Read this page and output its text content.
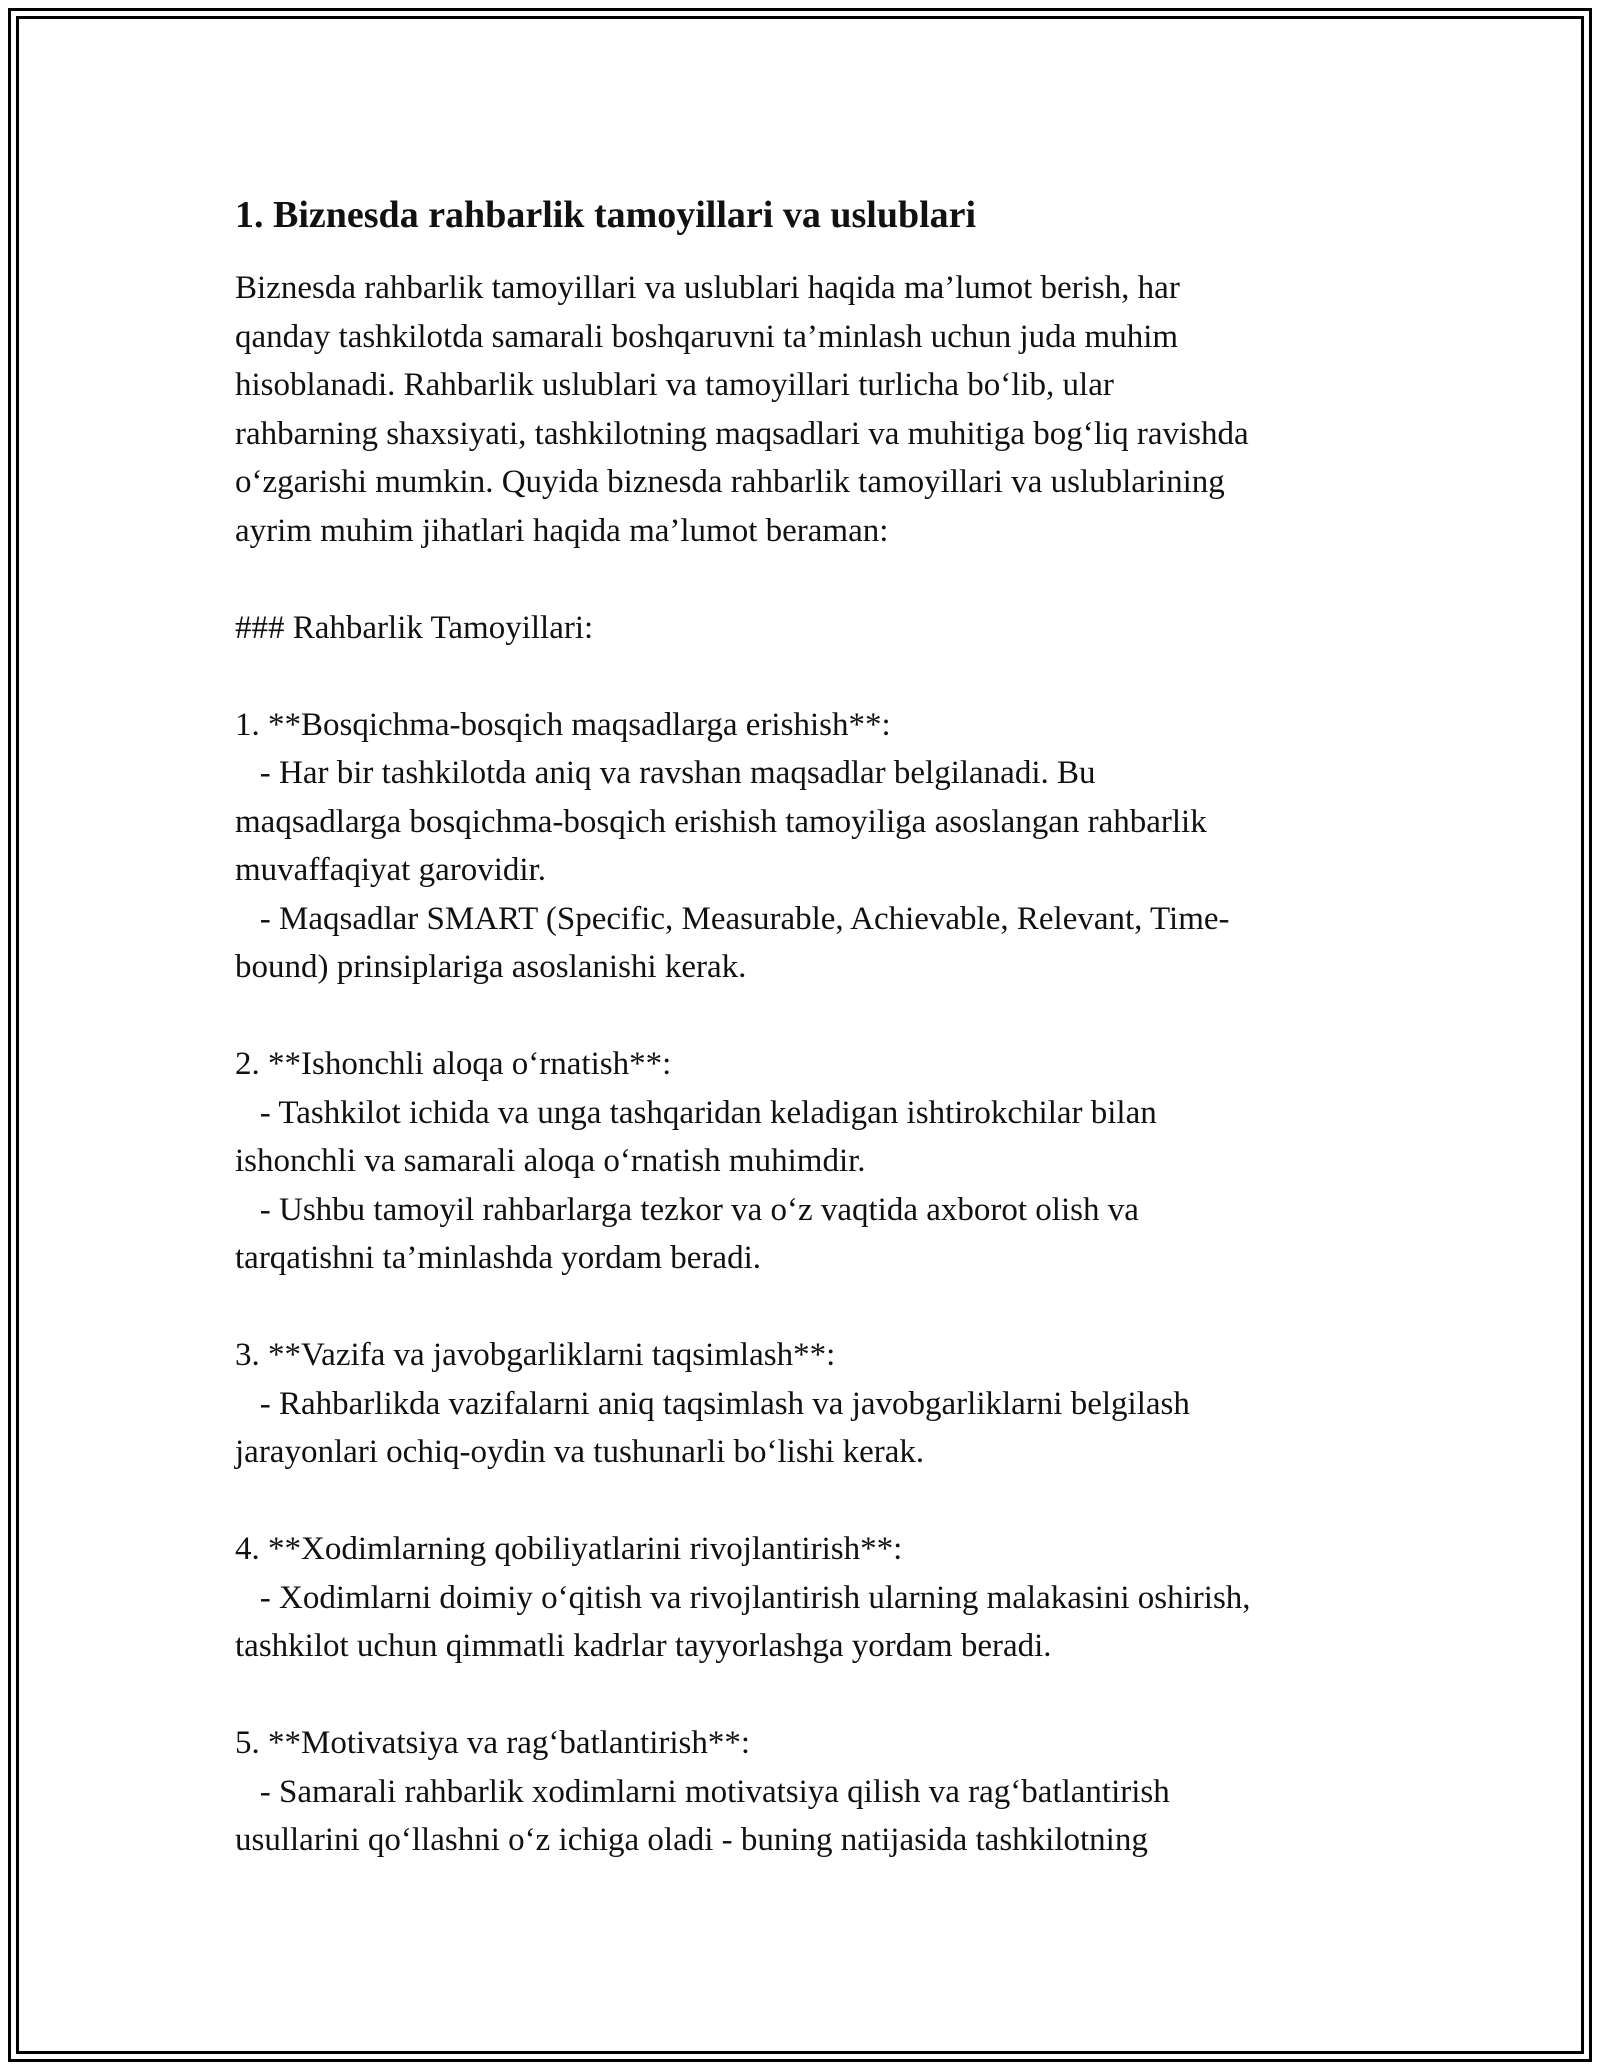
1. Biznesda rahbarlik tamoyillari va uslublari
Biznesda rahbarlik tamoyillari va uslublari haqida ma’lumot berish, har
qanday tashkilotda samarali boshqaruvni ta’minlash uchun juda muhim
hisoblanadi. Rahbarlik uslublari va tamoyillari turlicha bo‘lib, ular
rahbarning shaxsiyati, tashkilotning maqsadlari va muhitiga bog‘liq ravishda
o‘zgarishi mumkin. Quyida biznesda rahbarlik tamoyillari va uslublarining
ayrim muhim jihatlari haqida ma’lumot beraman:
### Rahbarlik Tamoyillari:
1. **Bosqichma-bosqich maqsadlarga erishish**:
- Har bir tashkilotda aniq va ravshan maqsadlar belgilanadi. Bu
maqsadlarga bosqichma-bosqich erishish tamoyiliga asoslangan rahbarlik
muvaffaqiyat garovidir.
- Maqsadlar SMART (Specific, Measurable, Achievable, Relevant, Time-
bound) prinsiplariga asoslanishi kerak.
2. **Ishonchli aloqa o‘rnatish**:
- Tashkilot ichida va unga tashqaridan keladigan ishtirokchilar bilan
ishonchli va samarali aloqa o‘rnatish muhimdir.
- Ushbu tamoyil rahbarlarga tezkor va o‘z vaqtida axborot olish va
tarqatishni ta’minlashda yordam beradi.
3. **Vazifa va javobgarliklarni taqsimlash**:
- Rahbarlikda vazifalarni aniq taqsimlash va javobgarliklarni belgilash
jarayonlari ochiq-oydin va tushunarli bo‘lishi kerak.
4. **Xodimlarning qobiliyatlarini rivojlantirish**:
- Xodimlarni doimiy o‘qitish va rivojlantirish ularning malakasini oshirish,
tashkilot uchun qimmatli kadrlar tayyorlashga yordam beradi.
5. **Motivatsiya va rag‘batlantirish**:
- Samarali rahbarlik xodimlarni motivatsiya qilish va rag‘batlantirish
usullarini qo‘llashni o‘z ichiga oladi - buning natijasida tashkilotning
